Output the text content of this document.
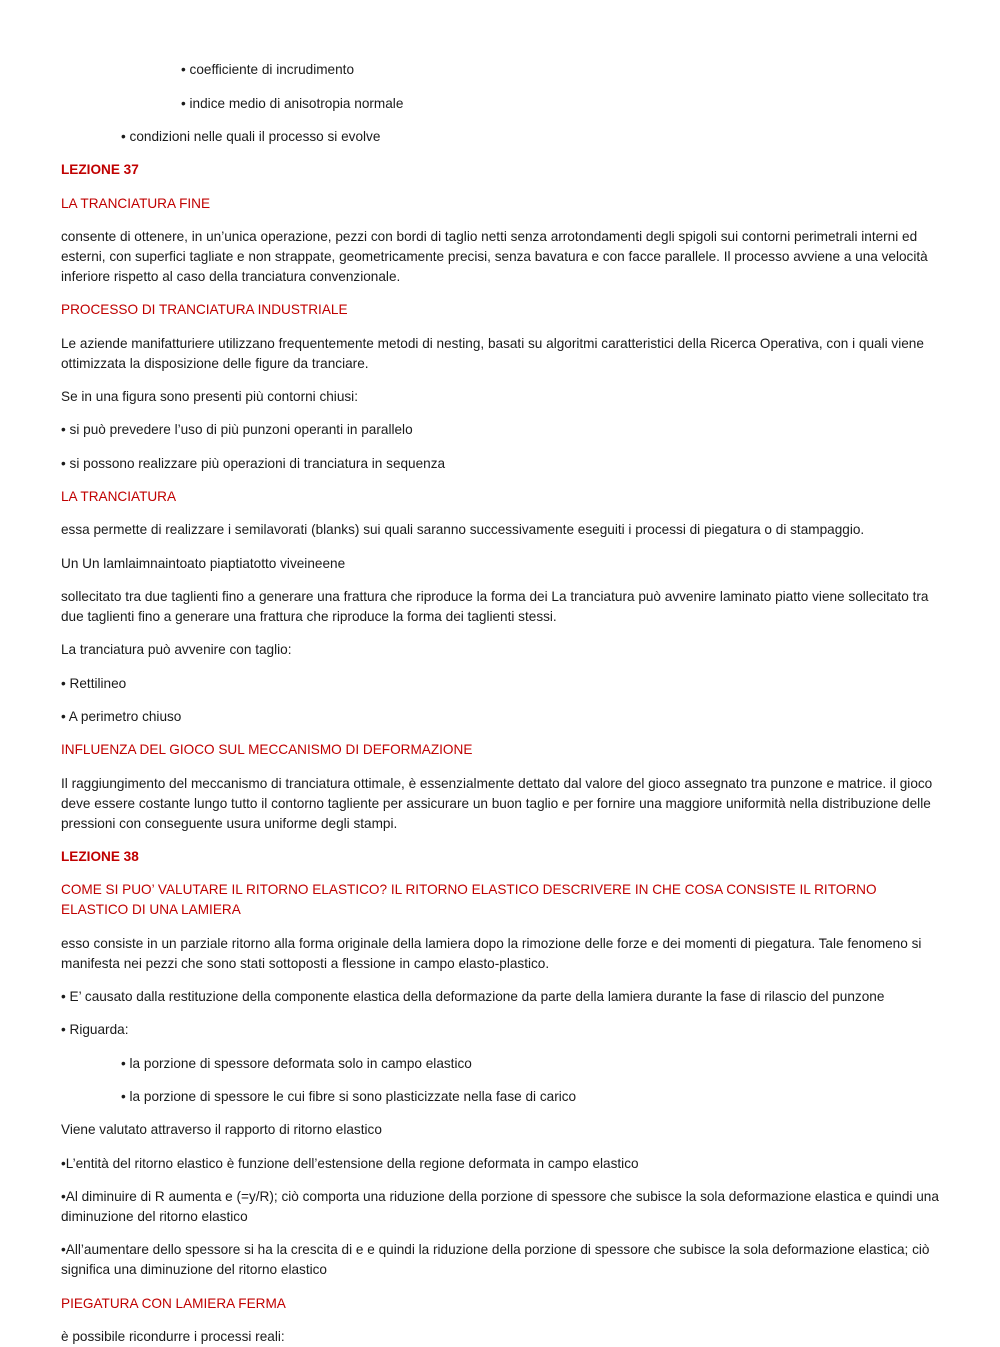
• coefficiente di incrudimento

• indice medio di anisotropia normale

• condizioni nelle quali il processo si evolve

LEZIONE 37

LA TRANCIATURA FINE

consente di ottenere, in un’unica operazione, pezzi con bordi di taglio netti senza arrotondamenti degli spigoli sui contorni perimetrali interni ed esterni, con superfici tagliate e non strappate, geometricamente precisi, senza bavatura e con facce parallele. Il processo avviene a una velocità inferiore rispetto al caso della tranciatura convenzionale.

PROCESSO DI TRANCIATURA INDUSTRIALE

Le aziende manifatturiere utilizzano frequentemente metodi di nesting, basati su algoritmi caratteristici della Ricerca Operativa, con i quali viene ottimizzata la disposizione delle figure da tranciare.

Se in una figura sono presenti più contorni chiusi:

• si può prevedere l’uso di più punzoni operanti in parallelo

• si possono realizzare più operazioni di tranciatura in sequenza

LA TRANCIATURA

essa permette di realizzare i semilavorati (blanks) sui quali saranno successivamente eseguiti i processi di piegatura o di stampaggio.

Un Un lamlaimnaintoato piaptiatotto viveineene

sollecitato tra due taglienti fino a generare una frattura che riproduce la forma dei La tranciatura può avvenire laminato piatto viene sollecitato tra due taglienti fino a generare una frattura che riproduce la forma dei taglienti stessi.

La tranciatura può avvenire con taglio:

• Rettilineo

• A perimetro chiuso

INFLUENZA DEL GIOCO SUL MECCANISMO DI DEFORMAZIONE

Il raggiungimento del meccanismo di tranciatura ottimale, è essenzialmente dettato dal valore del gioco assegnato tra punzone e matrice. il gioco deve essere costante lungo tutto il contorno tagliente per assicurare un buon taglio e per fornire una maggiore uniformità nella distribuzione delle pressioni con conseguente usura uniforme degli stampi.

LEZIONE 38

COME SI PUO’ VALUTARE IL RITORNO ELASTICO? IL RITORNO ELASTICO DESCRIVERE IN CHE COSA CONSISTE IL RITORNO ELASTICO DI UNA LAMIERA

esso consiste in un parziale ritorno alla forma originale della lamiera dopo la rimozione delle forze e dei momenti di piegatura. Tale fenomeno si manifesta nei pezzi che sono stati sottoposti a flessione in campo elasto-plastico.

• E’ causato dalla restituzione della componente elastica della deformazione da parte della lamiera durante la fase di rilascio del punzone

• Riguarda:

• la porzione di spessore deformata solo in campo elastico

• la porzione di spessore le cui fibre si sono plasticizzate nella fase di carico

Viene valutato attraverso il rapporto di ritorno elastico

•L’entità del ritorno elastico è funzione dell’estensione della regione deformata in campo elastico

•Al diminuire di R aumenta e (=y/R); ciò comporta una riduzione della porzione di spessore che subisce la sola deformazione elastica e quindi una diminuzione del ritorno elastico

•All’aumentare dello spessore si ha la crescita di e e quindi la riduzione della porzione di spessore che subisce la sola deformazione elastica; ciò significa una diminuzione del ritorno elastico

PIEGATURA CON LAMIERA FERMA

è possibile ricondurre i processi reali:
